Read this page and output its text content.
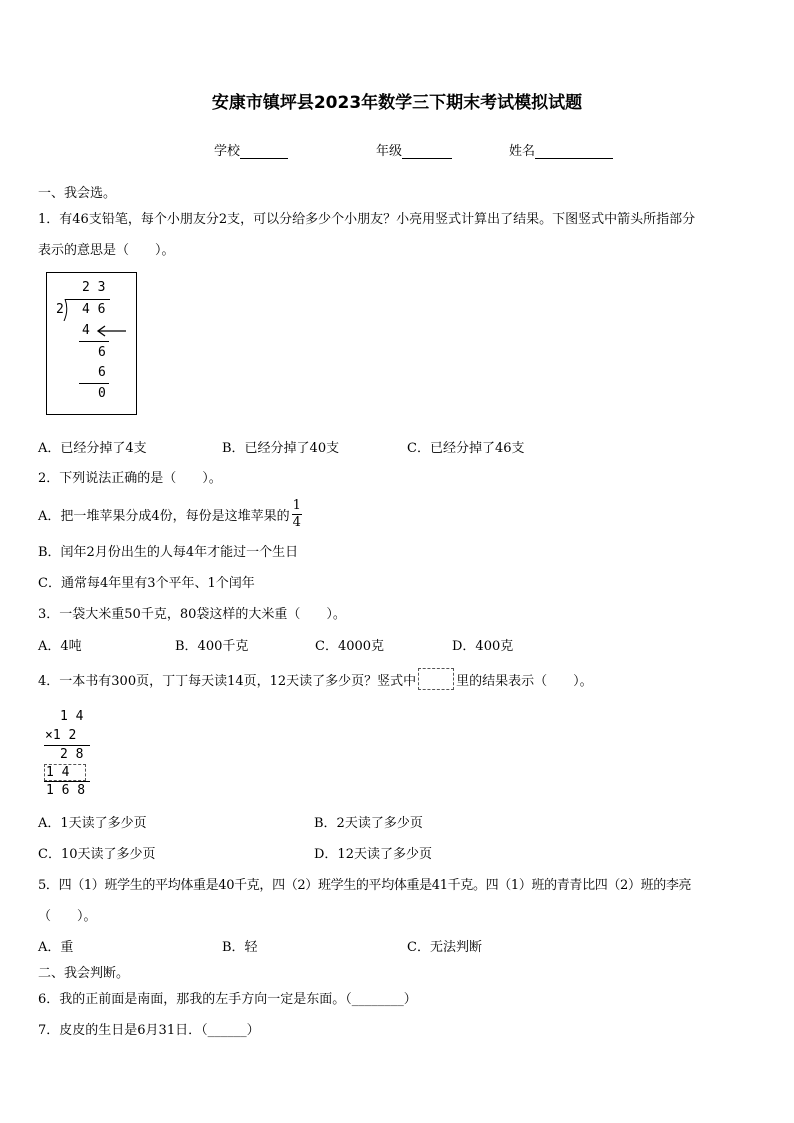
安康市镇坪县2023年数学三下期末考试模拟试题
学校	年级	姓名
一、我会选。
1．有46支铅笔，每个小朋友分2支，可以分给多少个小朋友？小亮用竖式计算出了结果。下图竖式中箭头所指部分
表示的意思是（　　）。
2 3
2 4 6
4
6
6
0
A．已经分掉了4支	B．已经分掉了40支	C．已经分掉了46支
2．下列说法正确的是（　　）。
A．把一堆苹果分成4份，每份是这堆苹果的 $\frac{1}{4}$
B．闰年2月份出生的人每4年才能过一个生日
C．通常每4年里有3个平年、1个闰年
3．一袋大米重50千克，80袋这样的大米重（　　）。
A．4吨	B．400千克	C．4000克	D．400克
4．一本书有300页，丁丁每天读14页，12天读了多少页？竖式中	里的结果表示（　　）。
1 4
×1 2
2 8
1 4
1 6 8
A．1天读了多少页	B．2天读了多少页
C．10天读了多少页	D．12天读了多少页
5．四（1）班学生的平均体重是40千克，四（2）班学生的平均体重是41千克。四（1）班的青青比四（2）班的李亮
（　　）。
A．重	B．轻	C．无法判断
二、我会判断。
6．我的正前面是南面，那我的左手方向一定是东面。（________）
7．皮皮的生日是6月31日．（______）
